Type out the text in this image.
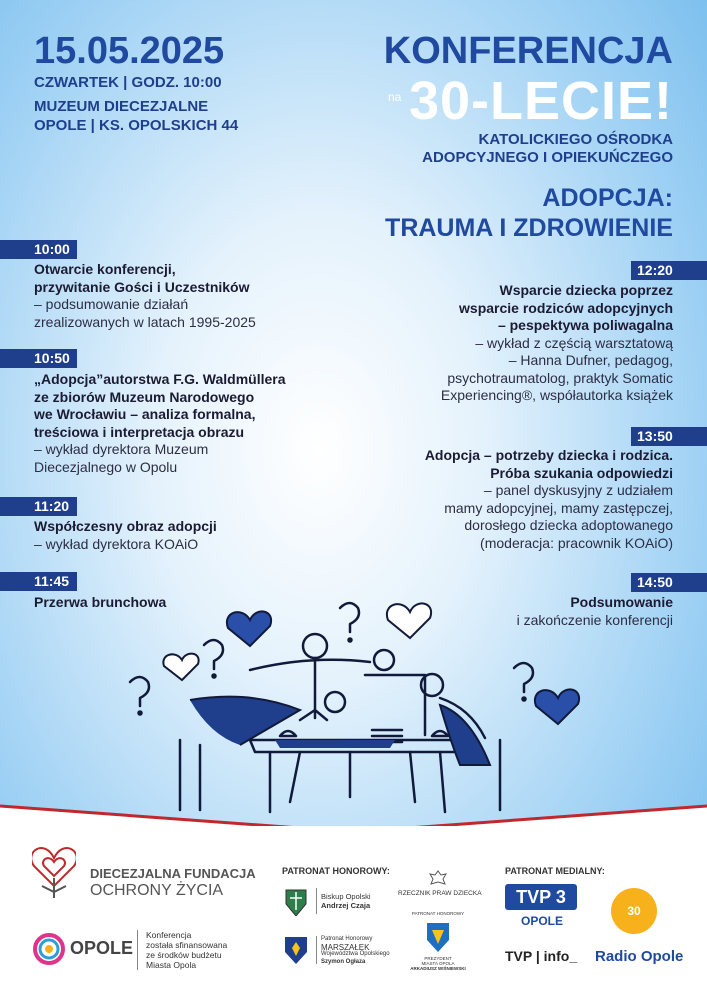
15.05.2025
CZWARTEK | GODZ. 10:00
MUZEUM DIECEZJALNE
OPOLE | KS. OPOLSKICH 44
KONFERENCJA
na 30-LECIE!
KATOLICKIEGO OŚRODKA
ADOPCYJNEGO I OPIEKUŃCZEGO
ADOPCJA:
TRAUMA I ZDROWIENIE
10:00
Otwarcie konferencji,
przywitanie Gości i Uczestników
– podsumowanie działań
zrealizowanych w latach 1995-2025
10:50
„Adopcja”autorstwa F.G. Waldmüllera
ze zbiorów Muzeum Narodowego
we Wrocławiu – analiza formalna,
treściowa i interpretacja obrazu
– wykład dyrektora Muzeum
Diecezjalnego w Opolu
11:20
Współczesny obraz adopcji
– wykład dyrektora KOAiO
11:45
Przerwa brunchowa
12:20
Wsparcie dziecka poprzez
wsparcie rodziców adopcyjnych
– pespektywa poliwagalna
– wykład z częścią warsztatową
– Hanna Dufner, pedagog,
psychotraumatolog, praktyk Somatic
Experiencing®, współautorka książek
13:50
Adopcja – potrzeby dziecka i rodzica.
Próba szukania odpowiedzi
– panel dyskusyjny z udziałem
mamy adopcyjnej, mamy zastępczej,
dorosłego dziecka adoptowanego
(moderacja: pracownik KOAiO)
14:50
Podsumowanie
i zakończenie konferencji
DIECEZJALNA FUNDACJA
OCHRONY ŻYCIA
OPOLE
Konferencja
została sfinansowana
ze środków budżetu
Miasta Opola
PATRONAT HONOROWY:
Biskup Opolski
Andrzej Czaja
RZECZNIK PRAW DZIECKA
Patronat Honorowy
MARSZAŁEK
Województwa Opolskiego
Szymon Ogłaza
PATRONAT HONOROWY
PREZYDENT
MIASTA OPOLA
ARKADIUSZ WIŚNIEWSKI
PATRONAT MEDIALNY:
TVP 3
OPOLE
30
TVP | info_ Radio Opole
